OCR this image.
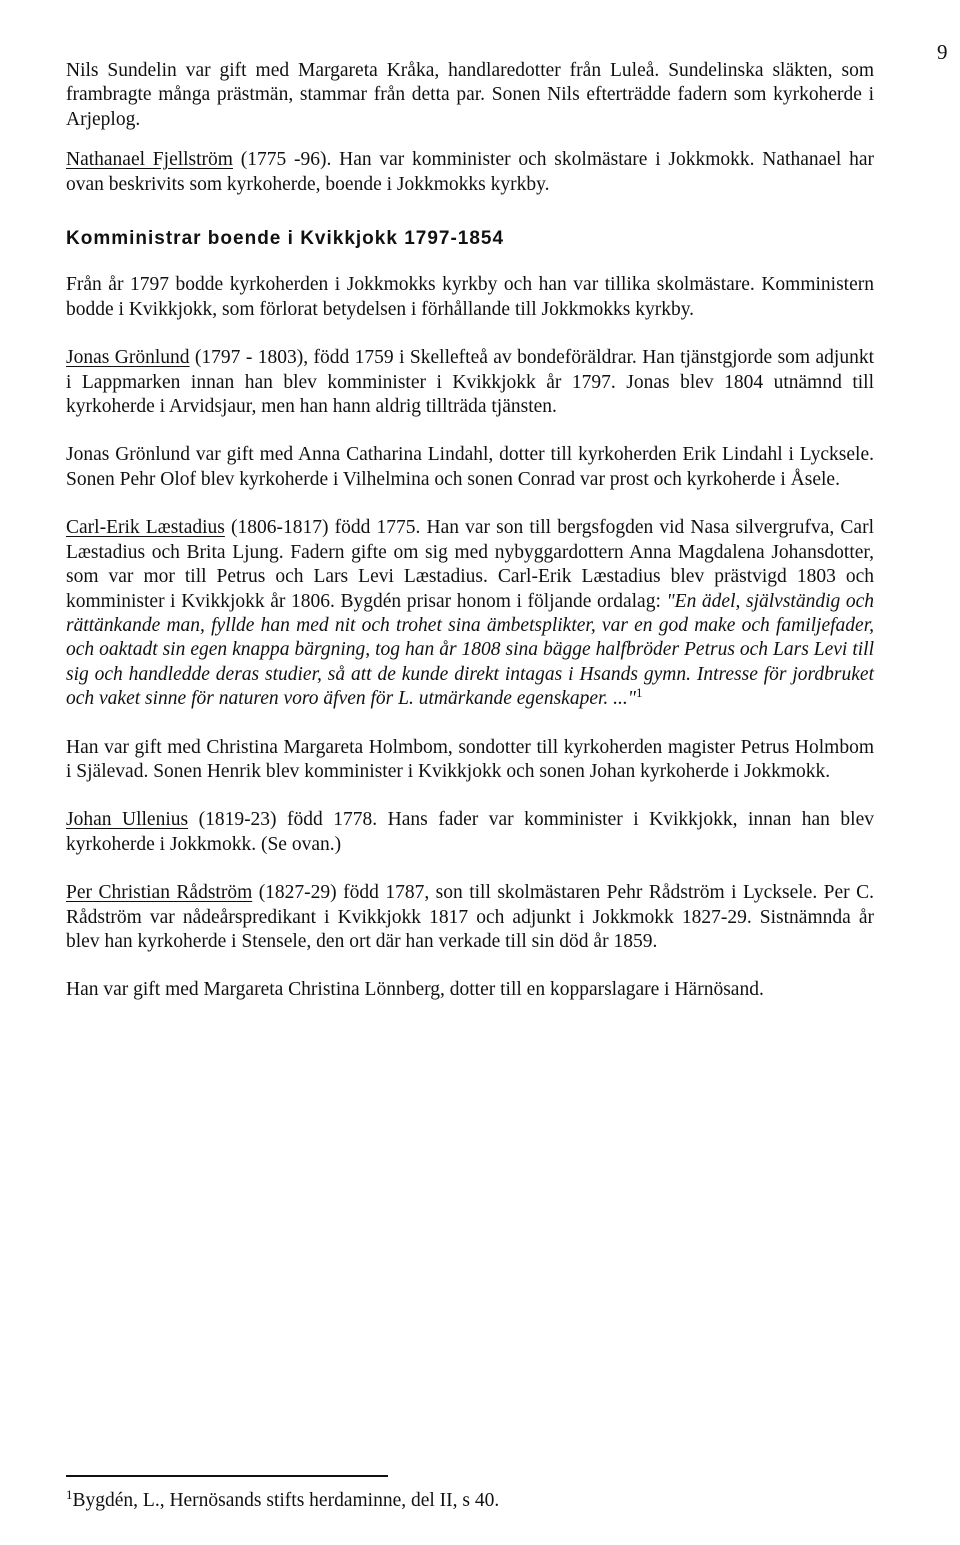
9

Nils Sundelin var gift med Margareta Kråka, handlaredotter från Luleå. Sundelinska släkten, som frambragte många prästmän, stammar från detta par. Sonen Nils efterträdde fadern som kyrkoherde i Arjeplog.

Nathanael Fjellström (1775 -96). Han var komminister och skolmästare i Jokkmokk. Nathanael har ovan beskrivits som kyrkoherde, boende i Jokkmokks kyrkby.

Komministrar boende i Kvikkjokk 1797-1854

Från år 1797 bodde kyrkoherden i Jokkmokks kyrkby och han var tillika skolmästare. Komministern bodde i Kvikkjokk, som förlorat betydelsen i förhållande till Jokkmokks kyrkby.

Jonas Grönlund (1797 - 1803), född 1759 i Skellefteå av bondeföräldrar. Han tjänstgjorde som adjunkt i Lappmarken innan han blev komminister i Kvikkjokk år 1797. Jonas blev 1804 utnämnd till kyrkoherde i Arvidsjaur, men han hann aldrig tillträda tjänsten.

Jonas Grönlund var gift med Anna Catharina Lindahl, dotter till kyrkoherden Erik Lindahl i Lycksele. Sonen Pehr Olof blev kyrkoherde i Vilhelmina och sonen Conrad var prost och kyrkoherde i Åsele.

Carl-Erik Læstadius (1806-1817) född 1775. Han var son till bergsfogden vid Nasa silvergrufva, Carl Læstadius och Brita Ljung. Fadern gifte om sig med nybyggardottern Anna Magdalena Johansdotter, som var mor till Petrus och Lars Levi Læstadius. Carl-Erik Læstadius blev prästvigd 1803 och komminister i Kvikkjokk år 1806. Bygdén prisar honom i följande ordalag: "En ädel, självständig och rättänkande man, fyllde han med nit och trohet sina ämbetsplikter, var en god make och familjefader, och oaktadt sin egen knappa bärgning, tog han år 1808 sina bägge halfbröder Petrus och Lars Levi till sig och handledde deras studier, så att de kunde direkt intagas i Hsands gymn. Intresse för jordbruket och vaket sinne för naturen voro äfven för L. utmärkande egenskaper. ..."$^1$

Han var gift med Christina Margareta Holmbom, sondotter till kyrkoherden magister Petrus Holmbom i Själevad. Sonen Henrik blev komminister i Kvikkjokk och sonen Johan kyrkoherde i Jokkmokk.

Johan Ullenius (1819-23) född 1778. Hans fader var komminister i Kvikkjokk, innan han blev kyrkoherde i Jokkmokk. (Se ovan.)

Per Christian Rådström (1827-29) född 1787, son till skolmästaren Pehr Rådström i Lycksele. Per C. Rådström var nådeårspredikant i Kvikkjokk 1817 och adjunkt i Jokkmokk 1827-29. Sistnämnda år blev han kyrkoherde i Stensele, den ort där han verkade till sin död år 1859.

Han var gift med Margareta Christina Lönnberg, dotter till en kopparslagare i Härnösand.

$^1$Bygdén, L., Hernösands stifts herdaminne, del II, s 40.
